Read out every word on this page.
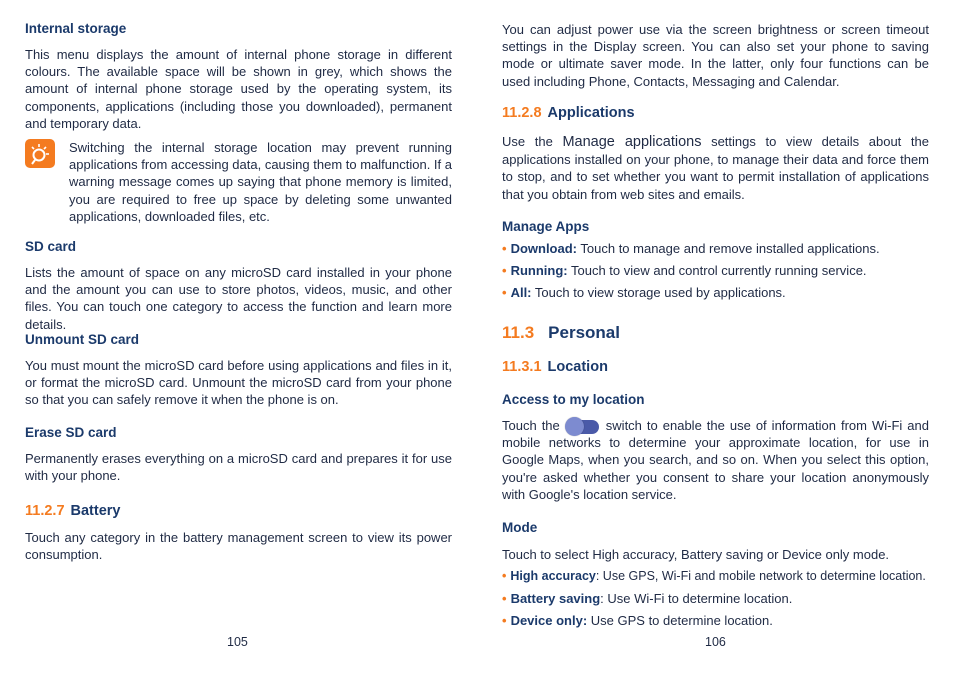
Internal storage

This menu displays the amount of internal phone storage in different colours. The available space will be shown in grey, which shows the amount of internal phone storage used by the operating system, its components, applications (including those you downloaded), permanent and temporary data.

Switching the internal storage location may prevent running applications from accessing data, causing them to malfunction. If a warning message comes up saying that phone memory is limited, you are required to free up space by deleting some unwanted applications, downloaded files, etc.

SD card

Lists the amount of space on any microSD card installed in your phone and the amount you can use to store photos, videos, music, and other files. You can touch one category to access the function and learn more details.

Unmount SD card

You must mount the microSD card before using applications and files in it, or format the microSD card. Unmount the microSD card from your phone so that you can safely remove it when the phone is on.

Erase SD card

Permanently erases everything on a microSD card and prepares it for use with your phone.

11.2.7 Battery

Touch any category in the battery management screen to view its power consumption.

105

You can adjust power use via the screen brightness or screen timeout settings in the Display screen. You can also set your phone to saving mode or ultimate saver mode. In the latter, only four functions can be used including Phone, Contacts, Messaging and Calendar.

11.2.8 Applications

Use the Manage applications settings to view details about the applications installed on your phone, to manage their data and force them to stop, and to set whether you want to permit installation of applications that you obtain from web sites and emails.

Manage Apps

• Download: Touch to manage and remove installed applications.

• Running: Touch to view and control currently running service.

• All: Touch to view storage used by applications.

11.3 Personal

11.3.1 Location

Access to my location

Touch the	switch to enable the use of information from Wi-Fi and mobile networks to determine your approximate location, for use in Google Maps, when you search, and so on. When you select this option, you're asked whether you consent to share your location anonymously with Google's location service.

Mode

Touch to select High accuracy, Battery saving or Device only mode.

• High accuracy: Use GPS, Wi-Fi and mobile network to determine location.

• Battery saving: Use Wi-Fi to determine location.

• Device only: Use GPS to determine location.

106
